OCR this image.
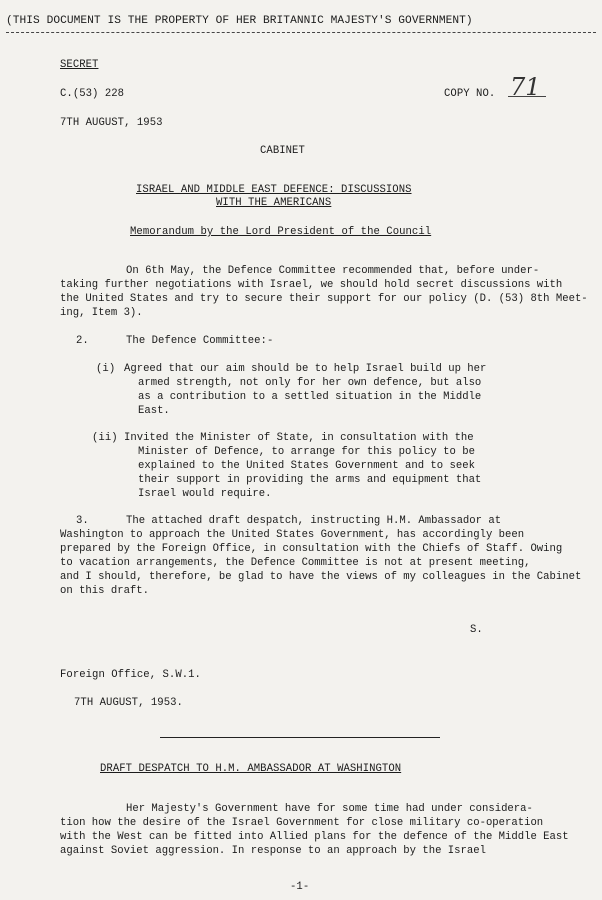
(THIS DOCUMENT IS THE PROPERTY OF HER BRITANNIC MAJESTY'S GOVERNMENT)
SECRET
C.(53) 228	COPY NO. 71
7TH AUGUST, 1953
CABINET
ISRAEL AND MIDDLE EAST DEFENCE: DISCUSSIONS
WITH THE AMERICANS
Memorandum by the Lord President of the Council
On 6th May, the Defence Committee recommended that, before under-
taking further negotiations with Israel, we should hold secret discussions with
the United States and try to secure their support for our policy (D. (53) 8th Meet-
ing, Item 3).
2.	The Defence Committee:-
(i) Agreed that our aim should be to help Israel build up her
armed strength, not only for her own defence, but also
as a contribution to a settled situation in the Middle
East.
(ii) Invited the Minister of State, in consultation with the
Minister of Defence, to arrange for this policy to be
explained to the United States Government and to seek
their support in providing the arms and equipment that
Israel would require.
3.	The attached draft despatch, instructing H.M. Ambassador at
Washington to approach the United States Government, has accordingly been
prepared by the Foreign Office, in consultation with the Chiefs of Staff. Owing
to vacation arrangements, the Defence Committee is not at present meeting,
and I should, therefore, be glad to have the views of my colleagues in the Cabinet
on this draft.
S.
Foreign Office, S.W.1.
7TH AUGUST, 1953.
DRAFT DESPATCH TO H.M. AMBASSADOR AT WASHINGTON
Her Majesty's Government have for some time had under considera-
tion how the desire of the Israel Government for close military co-operation
with the West can be fitted into Allied plans for the defence of the Middle East
against Soviet aggression. In response to an approach by the Israel
-1-
